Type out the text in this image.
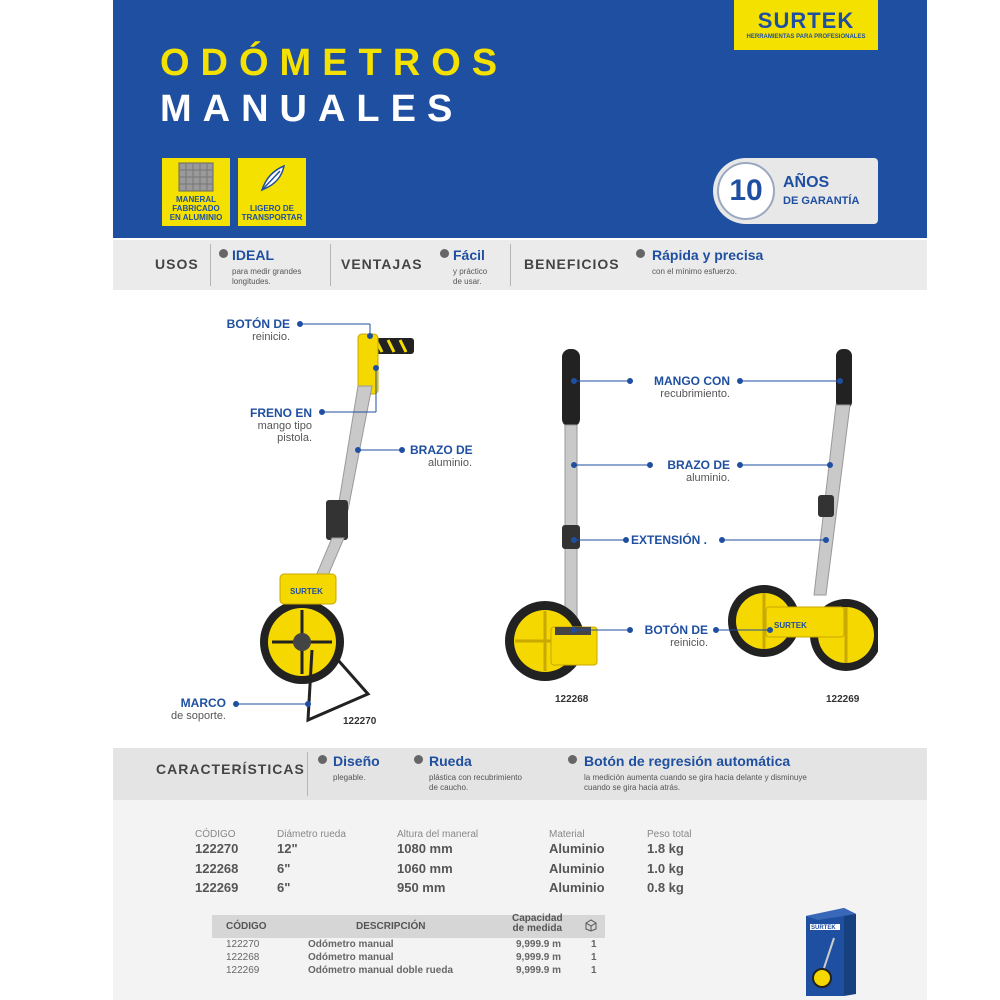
SURTEK
HERRAMIENTAS PARA PROFESIONALES
ODÓMETROS
MANUALES
MANERAL
FABRICADO
EN ALUMINIO
LIGERO DE
TRANSPORTAR
10	AÑOS
DE GARANTÍA
USOS
IDEAL
para medir grandes
longitudes.
VENTAJAS
Fácil
y práctico
de usar.
BENEFICIOS
Rápida y precisa
con el mínimo esfuerzo.
SURTEK
SURTEK
BOTÓN DE
reinicio.
FRENO EN
mango tipo
pistola.
BRAZO DE
aluminio.
MARCO
de soporte.
MANGO CON
recubrimiento.
BRAZO DE
aluminio.
EXTENSIÓN .
BOTÓN DE
reinicio.
122270
122268	122269
CARACTERÍSTICAS Diseño
plegable.
Rueda
plástica con recubrimiento
de caucho.
Botón de regresión automática
la medición aumenta cuando se gira hacia delante y disminuye
cuando se gira hacia atrás.
CÓDIGO	Diámetro rueda	Altura del maneral	Material	Peso total
122270	12"	1080 mm	Aluminio	1.8 kg
122268	6"	1060 mm	Aluminio	1.0 kg
122269	6"	950 mm	Aluminio	0.8 kg
CÓDIGO	DESCRIPCIÓN
Capacidad
de medida
122270	Odómetro manual	9,999.9 m	1
122268	Odómetro manual	9,999.9 m	1
122269	Odómetro manual doble rueda	9,999.9 m	1
SURTEK
